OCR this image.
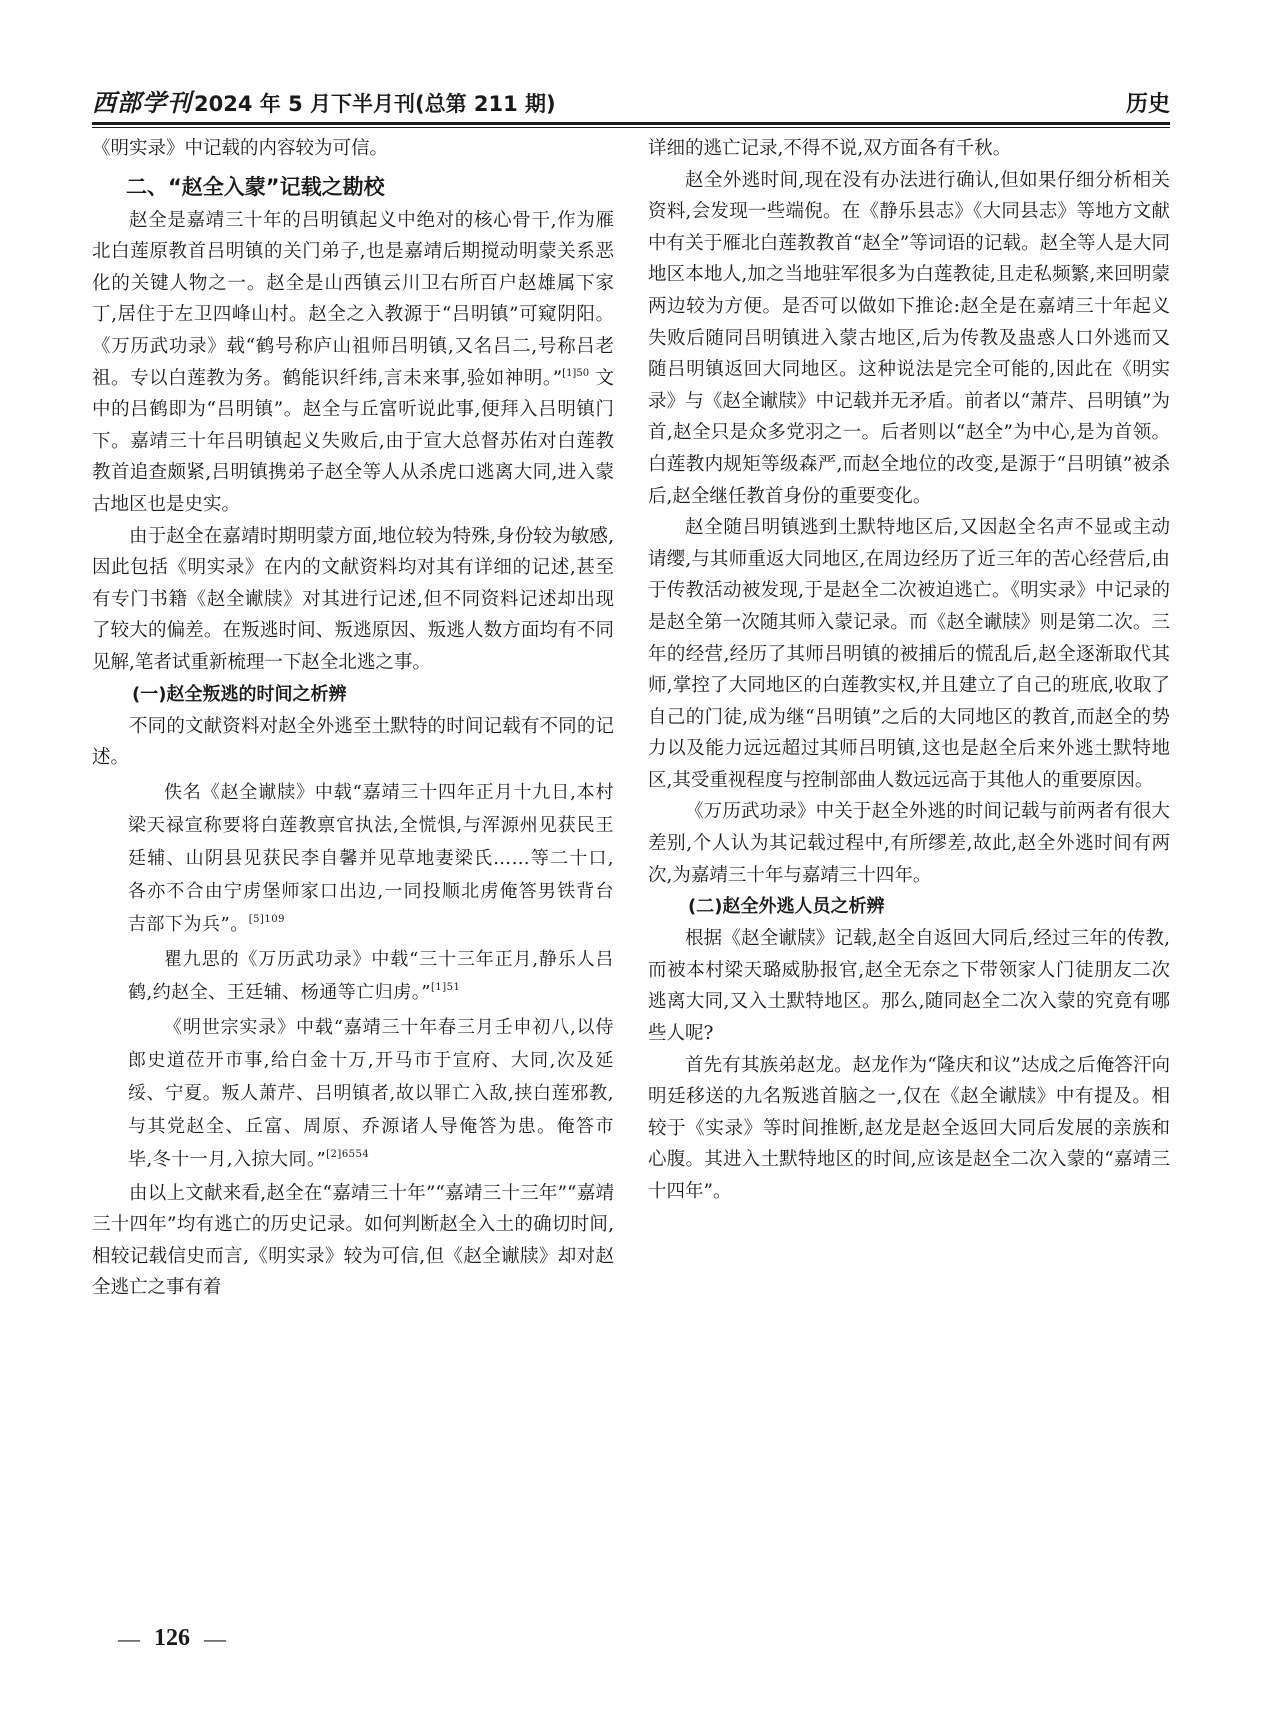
西部学刊 2024 年 5 月下半月刊(总第 211 期)	历史

《明实录》中记载的内容较为可信。

二、“赵全入蒙”记载之勘校

赵全是嘉靖三十年的吕明镇起义中绝对的核心骨干,作为雁北白莲原教首吕明镇的关门弟子,也是嘉靖后期搅动明蒙关系恶化的关键人物之一。赵全是山西镇云川卫右所百户赵雄属下家丁,居住于左卫四峰山村。赵全之入教源于“吕明镇”可窥阴阳。《万历武功录》载“鹤号称庐山祖师吕明镇,又名吕二,号称吕老祖。专以白莲教为务。鹤能识纤纬,言未来事,验如神明。”$^{[1]50}$ 文中的吕鹤即为“吕明镇”。赵全与丘富听说此事,便拜入吕明镇门下。嘉靖三十年吕明镇起义失败后,由于宣大总督苏佑对白莲教教首追查颇紧,吕明镇携弟子赵全等人从杀虎口逃离大同,进入蒙古地区也是史实。

由于赵全在嘉靖时期明蒙方面,地位较为特殊,身份较为敏感,因此包括《明实录》在内的文献资料均对其有详细的记述,甚至有专门书籍《赵全谳牍》对其进行记述,但不同资料记述却出现了较大的偏差。在叛逃时间、叛逃原因、叛逃人数方面均有不同见解,笔者试重新梳理一下赵全北逃之事。

(一)赵全叛逃的时间之析辨

不同的文献资料对赵全外逃至土默特的时间记载有不同的记述。

佚名《赵全谳牍》中载“嘉靖三十四年正月十九日,本村梁天禄宣称要将白莲教禀官执法,全慌惧,与浑源州见获民王廷辅、山阴县见获民李自馨并见草地妻梁氏……等二十口,各亦不合由宁虏堡师家口出边,一同投顺北虏俺答男铁背台吉部下为兵”。$^{[5]109}$
瞿九思的《万历武功录》中载“三十三年正月,静乐人吕鹤,约赵全、王廷辅、杨通等亡归虏。”$^{[1]51}$
《明世宗实录》中载“嘉靖三十年春三月壬申初八,以侍郎史道莅开市事,给白金十万,开马市于宣府、大同,次及延绥、宁夏。叛人萧芹、吕明镇者,故以罪亡入敌,挟白莲邪教,与其党赵全、丘富、周原、乔源诸人导俺答为患。俺答市毕,冬十一月,入掠大同。”$^{[2]6554}$

由以上文献来看,赵全在“嘉靖三十年”“嘉靖三十三年”“嘉靖三十四年”均有逃亡的历史记录。如何判断赵全入土的确切时间,相较记载信史而言,《明实录》较为可信,但《赵全谳牍》却对赵全逃亡之事有着

详细的逃亡记录,不得不说,双方面各有千秋。

赵全外逃时间,现在没有办法进行确认,但如果仔细分析相关资料,会发现一些端倪。在《静乐县志》《大同县志》等地方文献中有关于雁北白莲教教首“赵全”等词语的记载。赵全等人是大同地区本地人,加之当地驻军很多为白莲教徒,且走私频繁,来回明蒙两边较为方便。是否可以做如下推论:赵全是在嘉靖三十年起义失败后随同吕明镇进入蒙古地区,后为传教及蛊惑人口外逃而又随吕明镇返回大同地区。这种说法是完全可能的,因此在《明实录》与《赵全谳牍》中记载并无矛盾。前者以“萧芹、吕明镇”为首,赵全只是众多党羽之一。后者则以“赵全”为中心,是为首领。白莲教内规矩等级森严,而赵全地位的改变,是源于“吕明镇”被杀后,赵全继任教首身份的重要变化。

赵全随吕明镇逃到土默特地区后,又因赵全名声不显或主动请缨,与其师重返大同地区,在周边经历了近三年的苦心经营后,由于传教活动被发现,于是赵全二次被迫逃亡。《明实录》中记录的是赵全第一次随其师入蒙记录。而《赵全谳牍》则是第二次。三年的经营,经历了其师吕明镇的被捕后的慌乱后,赵全逐渐取代其师,掌控了大同地区的白莲教实权,并且建立了自己的班底,收取了自己的门徒,成为继“吕明镇”之后的大同地区的教首,而赵全的势力以及能力远远超过其师吕明镇,这也是赵全后来外逃土默特地区,其受重视程度与控制部曲人数远远高于其他人的重要原因。

《万历武功录》中关于赵全外逃的时间记载与前两者有很大差别,个人认为其记载过程中,有所缪差,故此,赵全外逃时间有两次,为嘉靖三十年与嘉靖三十四年。

(二)赵全外逃人员之析辨

根据《赵全谳牍》记载,赵全自返回大同后,经过三年的传教,而被本村梁天璐威胁报官,赵全无奈之下带领家人门徒朋友二次逃离大同,又入土默特地区。那么,随同赵全二次入蒙的究竟有哪些人呢?

首先有其族弟赵龙。赵龙作为“隆庆和议”达成之后俺答汗向明廷移送的九名叛逃首脑之一,仅在《赵全谳牍》中有提及。相较于《实录》等时间推断,赵龙是赵全返回大同后发展的亲族和心腹。其进入土默特地区的时间,应该是赵全二次入蒙的“嘉靖三十四年”。

— 126 —
